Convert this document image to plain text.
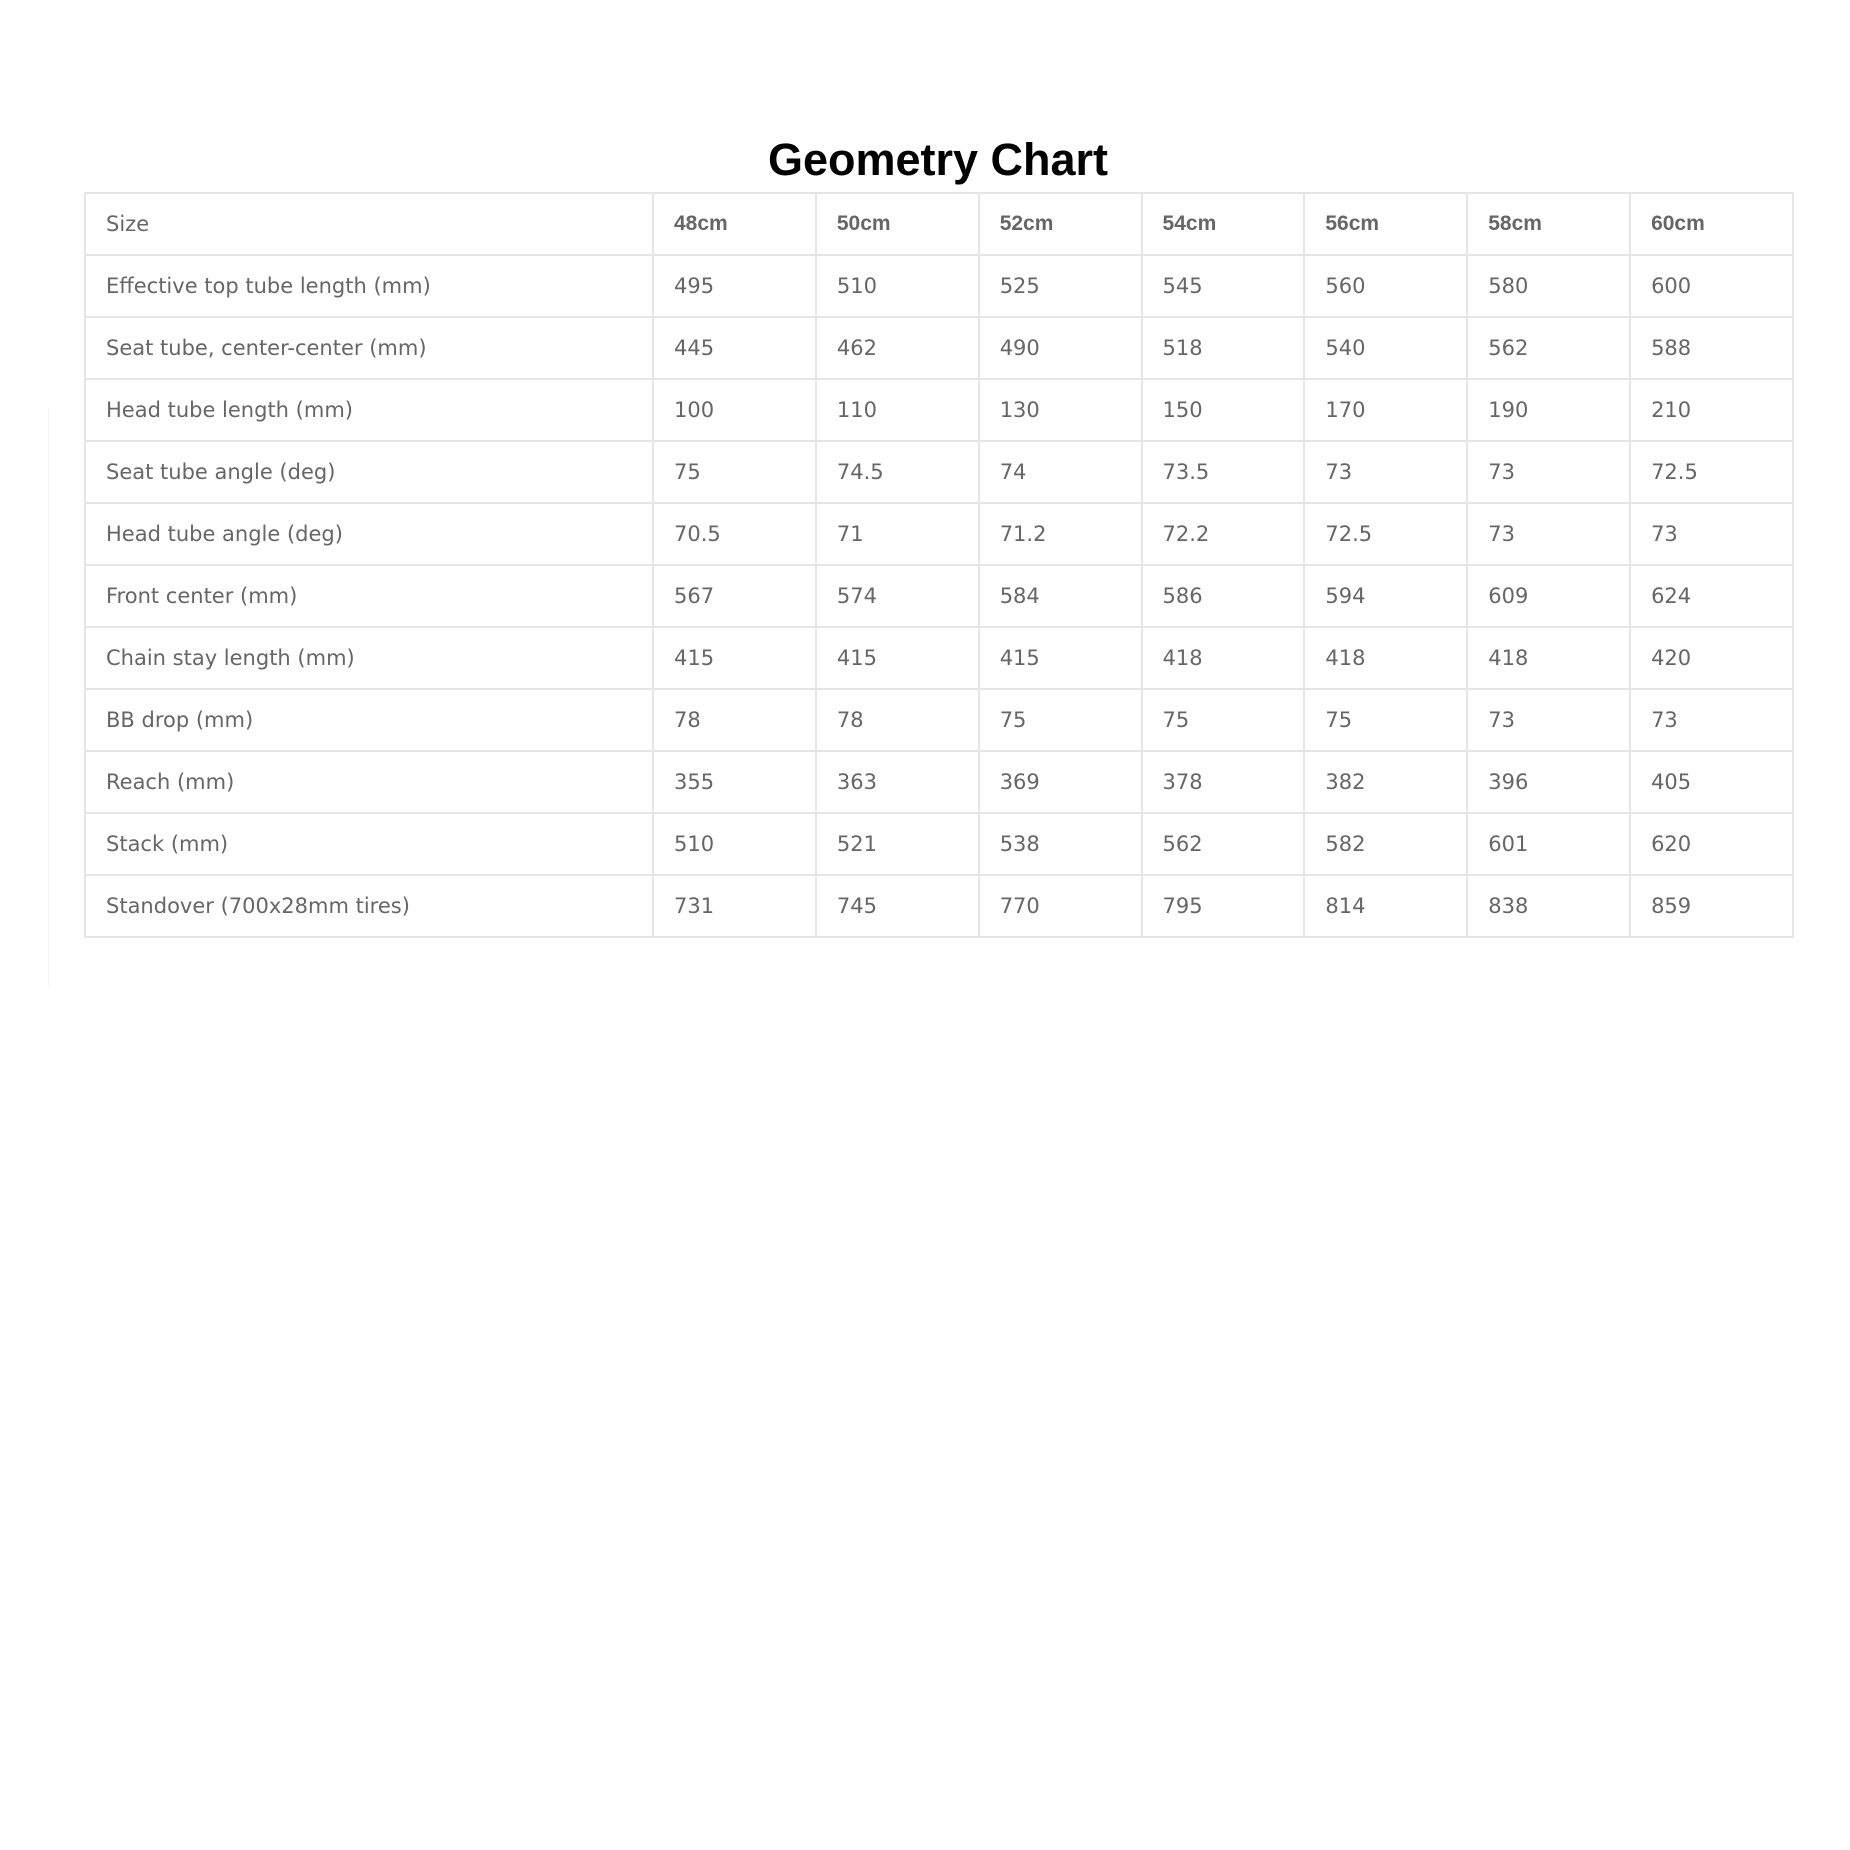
Geometry Chart
Size	48cm	50cm	52cm	54cm	56cm	58cm	60cm
Effective top tube length (mm)	495	510	525	545	560	580	600
Seat tube, center-center (mm)	445	462	490	518	540	562	588
Head tube length (mm)	100	110	130	150	170	190	210
Seat tube angle (deg)	75	74.5	74	73.5	73	73	72.5
Head tube angle (deg)	70.5	71	71.2	72.2	72.5	73	73
Front center (mm)	567	574	584	586	594	609	624
Chain stay length (mm)	415	415	415	418	418	418	420
BB drop (mm)	78	78	75	75	75	73	73
Reach (mm)	355	363	369	378	382	396	405
Stack (mm)	510	521	538	562	582	601	620
Standover (700x28mm tires)	731	745	770	795	814	838	859
